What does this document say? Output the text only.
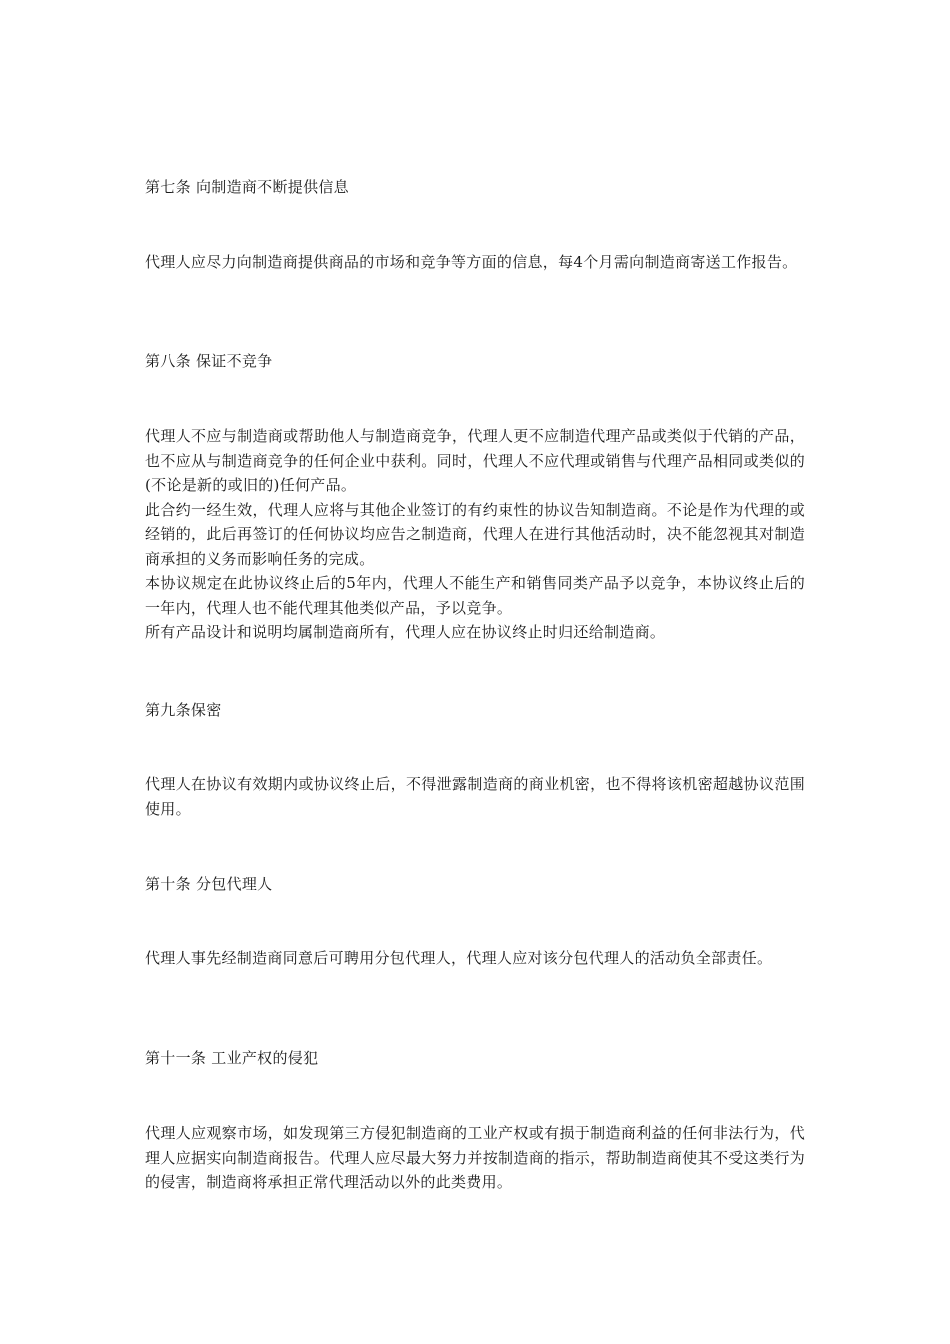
第七条 向制造商不断提供信息

代理人应尽力向制造商提供商品的市场和竞争等方面的信息，每4个月需向制造商寄送工作报告。

第八条 保证不竞争

代理人不应与制造商或帮助他人与制造商竞争，代理人更不应制造代理产品或类似于代销的产品，也不应从与制造商竞争的任何企业中获利。同时，代理人不应代理或销售与代理产品相同或类似的(不论是新的或旧的)任何产品。

此合约一经生效，代理人应将与其他企业签订的有约束性的协议告知制造商。不论是作为代理的或经销的，此后再签订的任何协议均应告之制造商，代理人在进行其他活动时，决不能忽视其对制造商承担的义务而影响任务的完成。

本协议规定在此协议终止后的5年内，代理人不能生产和销售同类产品予以竞争，本协议终止后的一年内，代理人也不能代理其他类似产品，予以竞争。

所有产品设计和说明均属制造商所有，代理人应在协议终止时归还给制造商。

第九条保密

代理人在协议有效期内或协议终止后，不得泄露制造商的商业机密，也不得将该机密超越协议范围使用。

第十条 分包代理人

代理人事先经制造商同意后可聘用分包代理人，代理人应对该分包代理人的活动负全部责任。

第十一条 工业产权的侵犯

代理人应观察市场，如发现第三方侵犯制造商的工业产权或有损于制造商利益的任何非法行为，代理人应据实向制造商报告。代理人应尽最大努力并按制造商的指示，帮助制造商使其不受这类行为的侵害，制造商将承担正常代理活动以外的此类费用。
